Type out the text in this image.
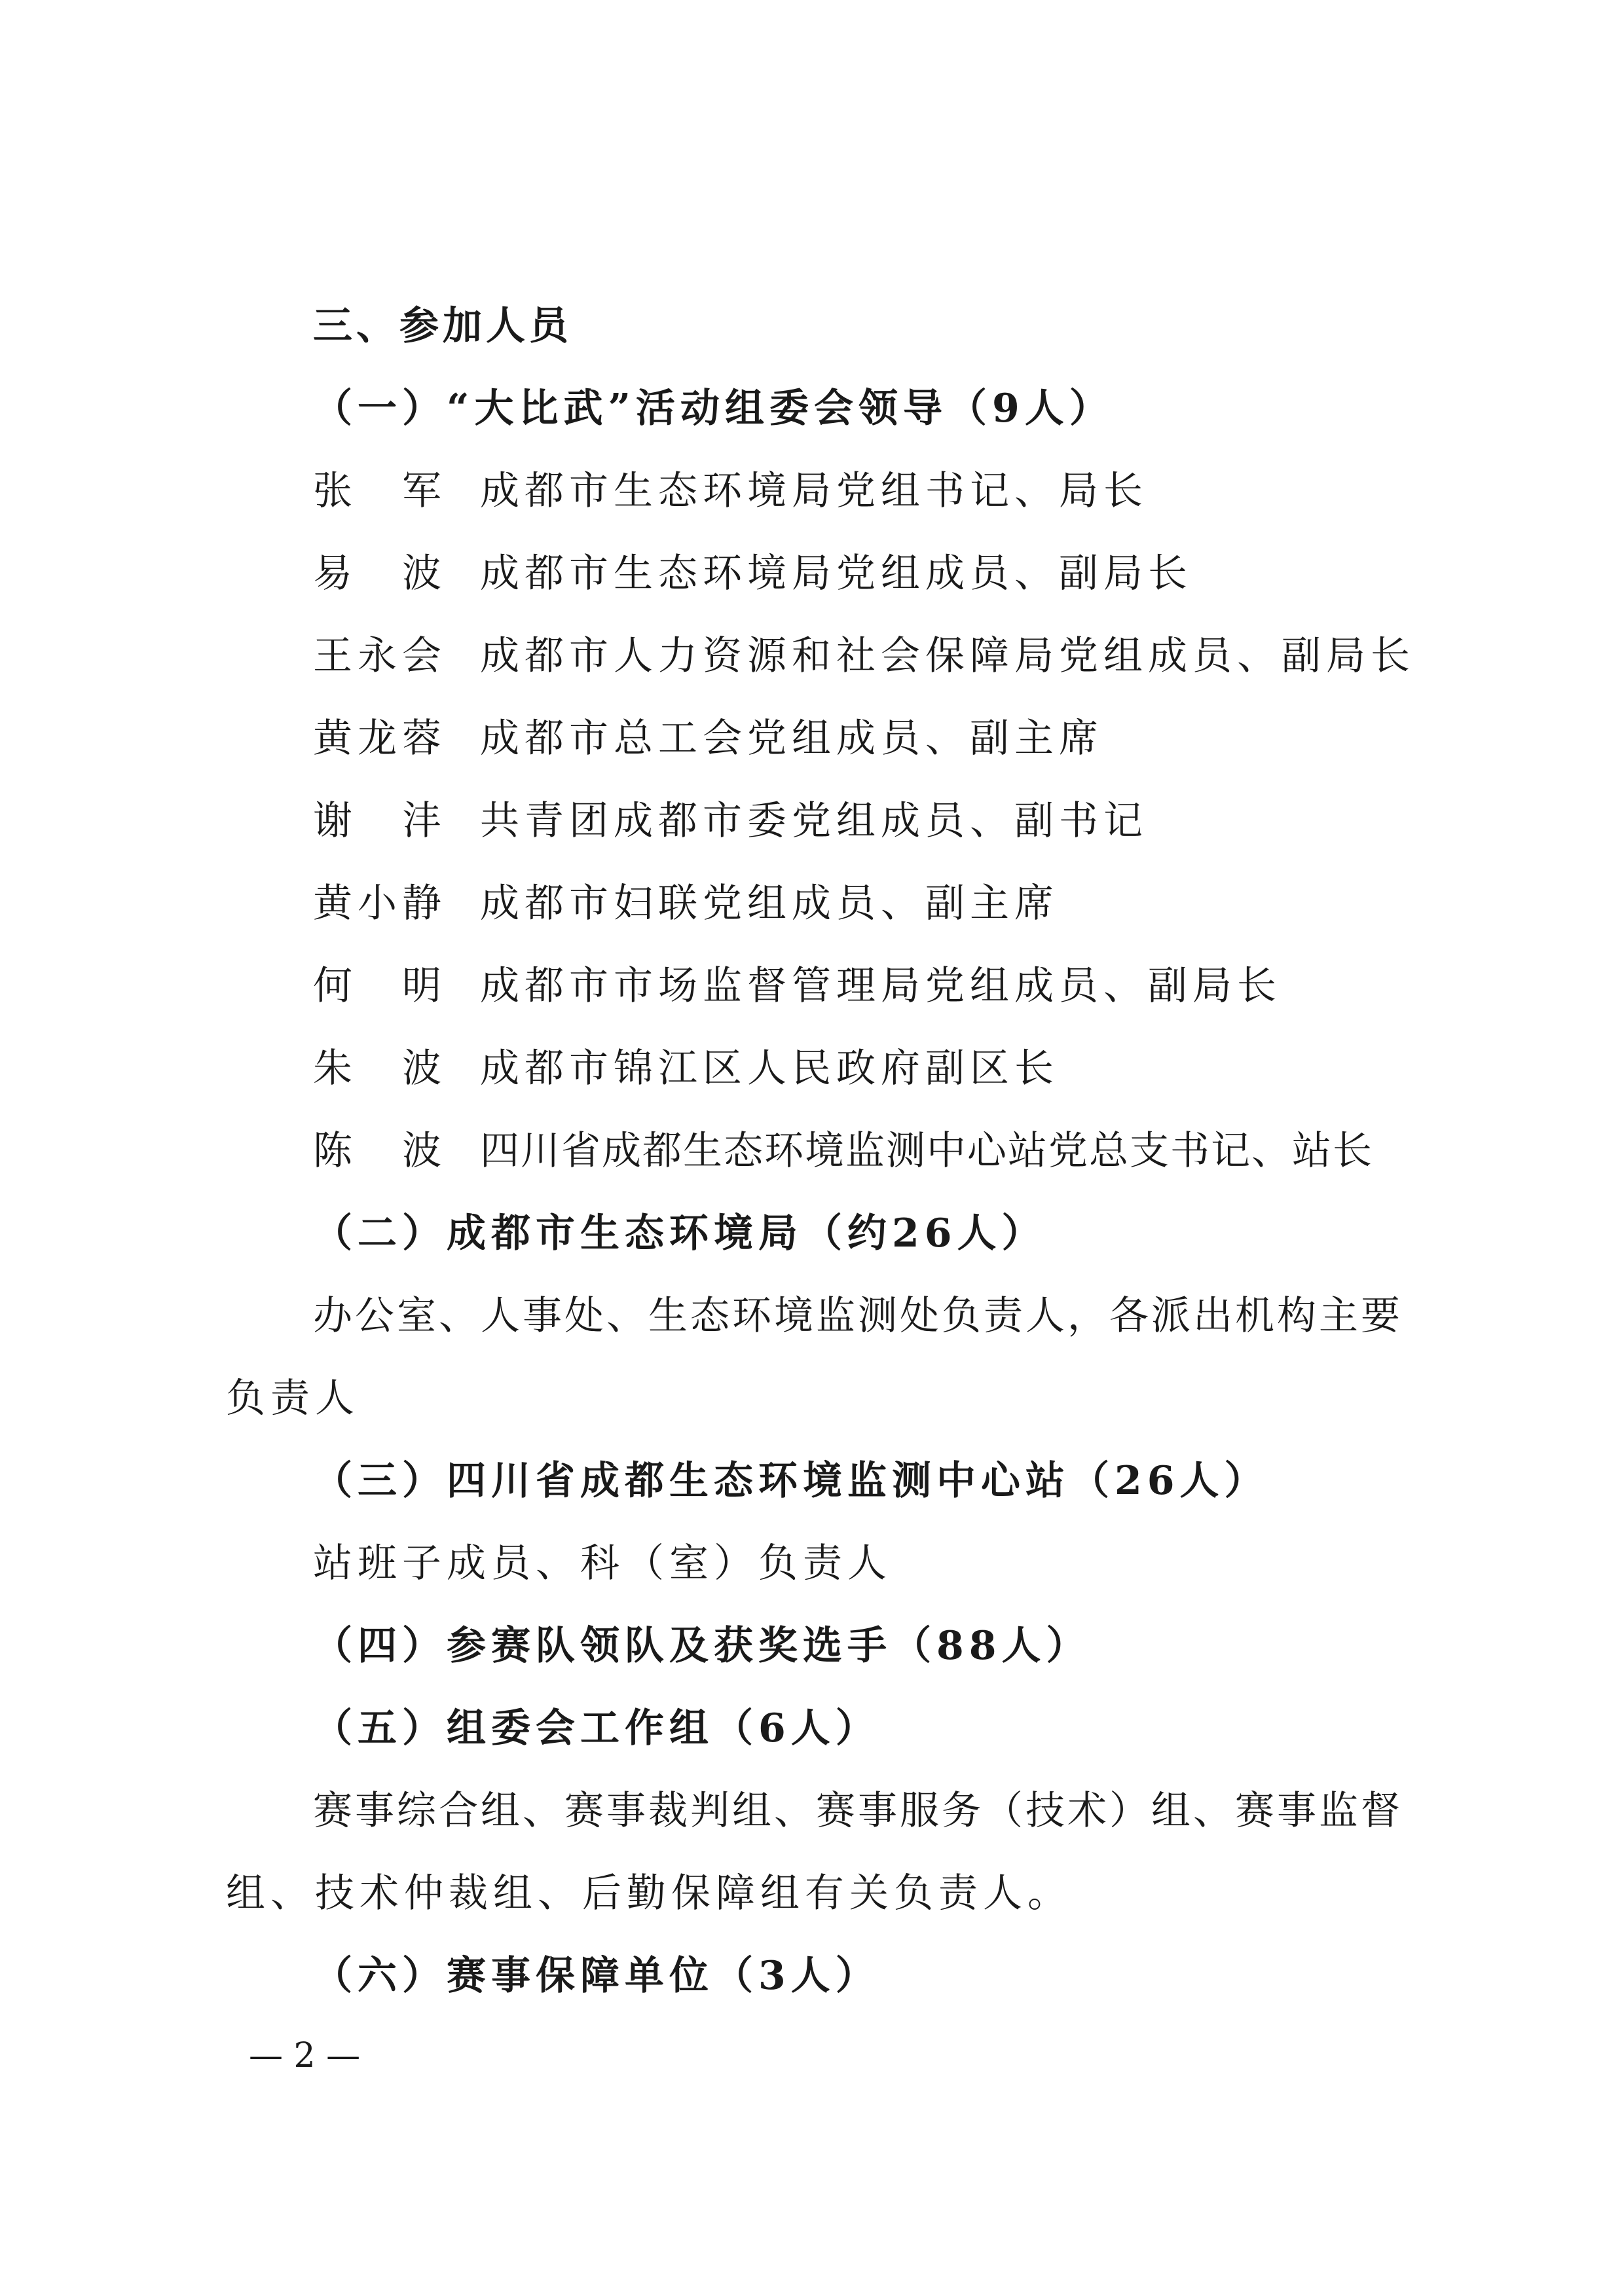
三、参加人员
（一）“大比武”活动组委会领导（9人）
张　军 成都市生态环境局党组书记、局长
易　波 成都市生态环境局党组成员、副局长
王永会 成都市人力资源和社会保障局党组成员、副局长
黄龙蓉 成都市总工会党组成员、副主席
谢　沣 共青团成都市委党组成员、副书记
黄小静 成都市妇联党组成员、副主席
何　明 成都市市场监督管理局党组成员、副局长
朱　波 成都市锦江区人民政府副区长
陈　波 四川省成都生态环境监测中心站党总支书记、站长
（二）成都市生态环境局（约26人）
办公室、人事处、生态环境监测处负责人，各派出机构主要
负责人
（三）四川省成都生态环境监测中心站（26人）
站班子成员、科（室）负责人
（四）参赛队领队及获奖选手（88人）
（五）组委会工作组（6人）
赛事综合组、赛事裁判组、赛事服务（技术）组、赛事监督
组、技术仲裁组、后勤保障组有关负责人。
（六）赛事保障单位（3人）
— 2 —
